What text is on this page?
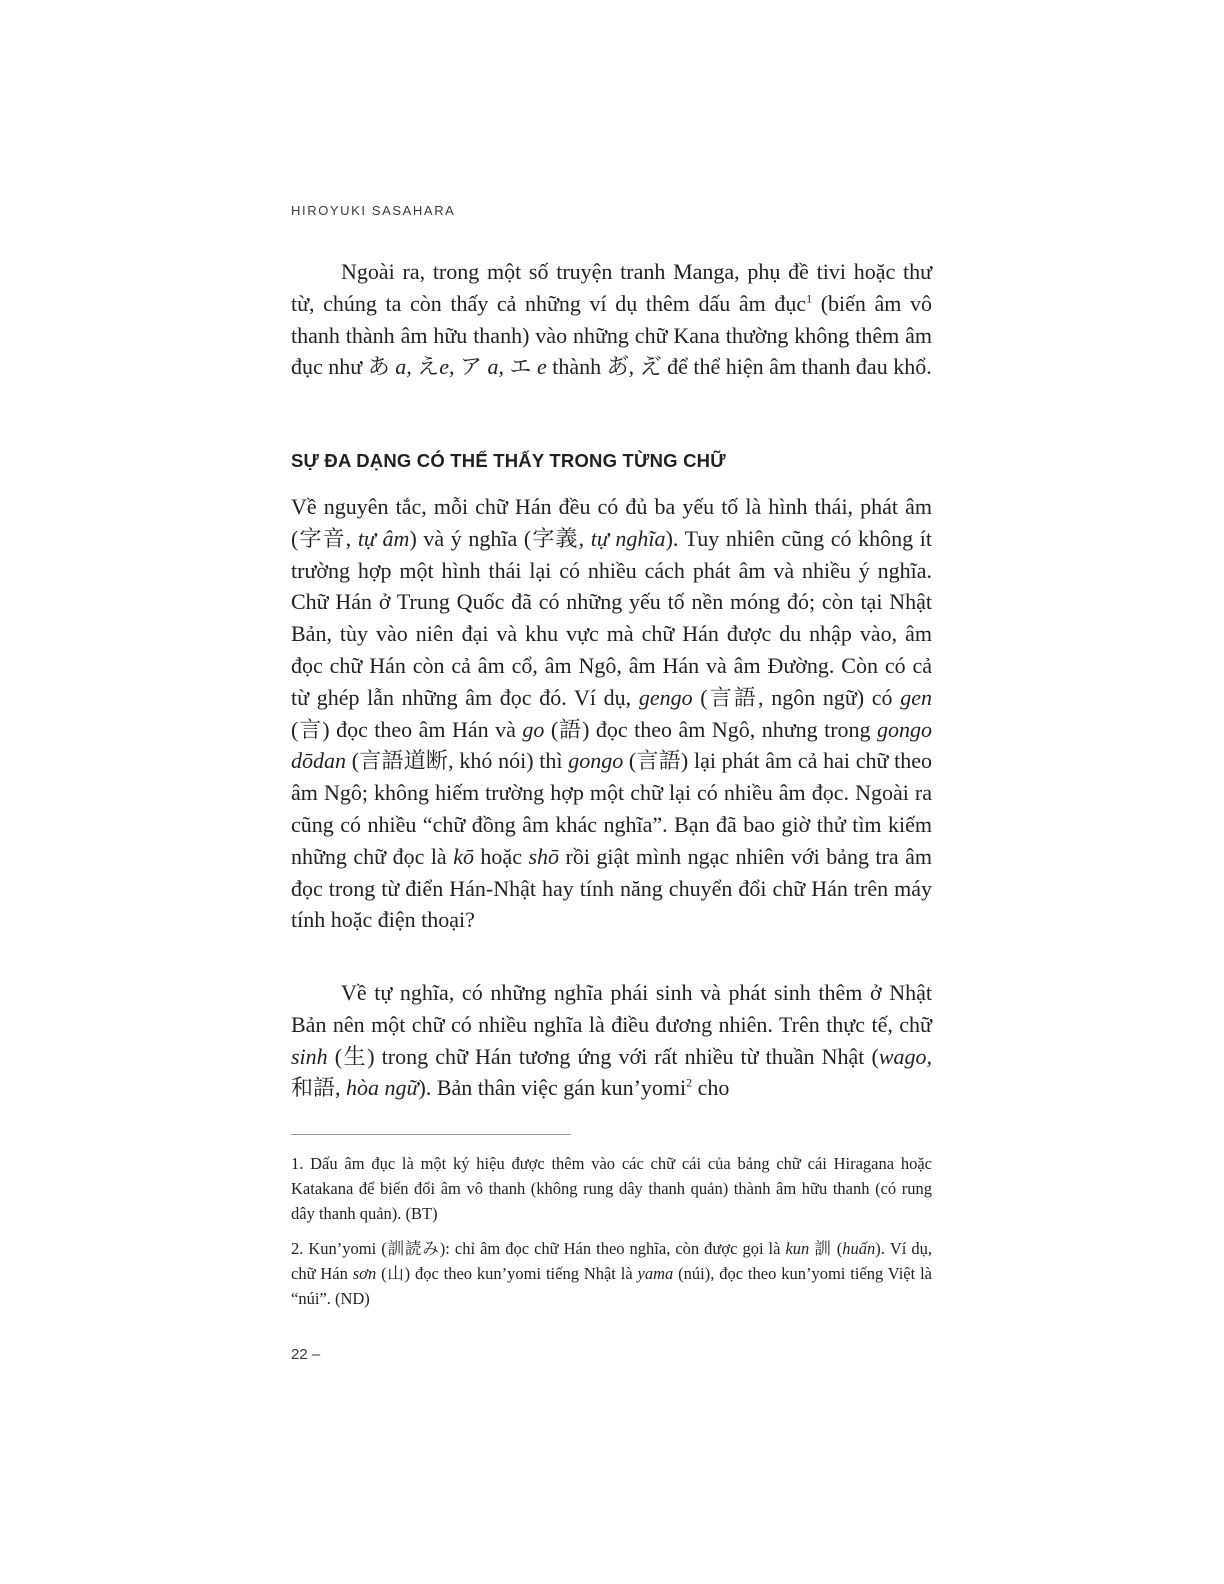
HIROYUKI SASAHARA

Ngoài ra, trong một số truyện tranh Manga, phụ đề tivi hoặc thư từ, chúng ta còn thấy cả những ví dụ thêm dấu âm đục$^1$ (biến âm vô thanh thành âm hữu thanh) vào những chữ Kana thường không thêm âm đục như あ a, えe, ア a, エ e thành あ゙, え゙ để thể hiện âm thanh đau khổ.

SỰ ĐA DẠNG CÓ THỂ THẤY TRONG TỪNG CHỮ

Về nguyên tắc, mỗi chữ Hán đều có đủ ba yếu tố là hình thái, phát âm (字音, tự âm) và ý nghĩa (字義, tự nghĩa). Tuy nhiên cũng có không ít trường hợp một hình thái lại có nhiều cách phát âm và nhiều ý nghĩa. Chữ Hán ở Trung Quốc đã có những yếu tố nền móng đó; còn tại Nhật Bản, tùy vào niên đại và khu vực mà chữ Hán được du nhập vào, âm đọc chữ Hán còn cả âm cổ, âm Ngô, âm Hán và âm Đường. Còn có cả từ ghép lẫn những âm đọc đó. Ví dụ, gengo (言語, ngôn ngữ) có gen (言) đọc theo âm Hán và go (語) đọc theo âm Ngô, nhưng trong gongo dōdan (言語道断, khó nói) thì gongo (言語) lại phát âm cả hai chữ theo âm Ngô; không hiếm trường hợp một chữ lại có nhiều âm đọc. Ngoài ra cũng có nhiều “chữ đồng âm khác nghĩa”. Bạn đã bao giờ thử tìm kiếm những chữ đọc là kō hoặc shō rồi giật mình ngạc nhiên với bảng tra âm đọc trong từ điển Hán-Nhật hay tính năng chuyển đổi chữ Hán trên máy tính hoặc điện thoại?

Về tự nghĩa, có những nghĩa phái sinh và phát sinh thêm ở Nhật Bản nên một chữ có nhiều nghĩa là điều đương nhiên. Trên thực tế, chữ sinh (生) trong chữ Hán tương ứng với rất nhiều từ thuần Nhật (wago, 和語, hòa ngữ). Bản thân việc gán kun’yomi$^2$ cho

1. Dấu âm đục là một ký hiệu được thêm vào các chữ cái của bảng chữ cái Hiragana hoặc Katakana để biến đổi âm vô thanh (không rung dây thanh quản) thành âm hữu thanh (có rung dây thanh quản). (BT)

2. Kun’yomi (訓読み): chỉ âm đọc chữ Hán theo nghĩa, còn được gọi là kun 訓 (huấn). Ví dụ, chữ Hán sơn (山) đọc theo kun’yomi tiếng Nhật là yama (núi), đọc theo kun’yomi tiếng Việt là “núi”. (ND)

22 –
